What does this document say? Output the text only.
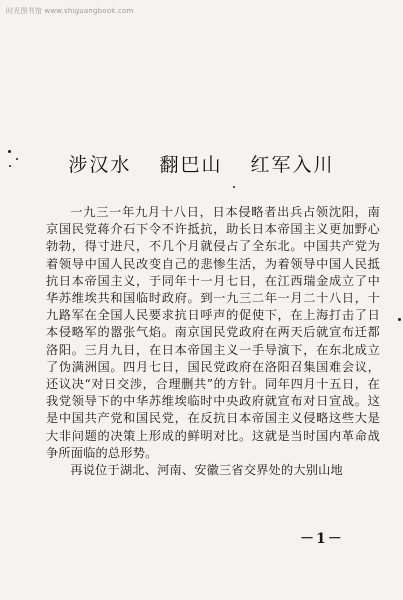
时光图书馆 www.shiguangbook.com
涉汉水 翻巴山 红军入川

一九三一年九月十八日，日本侵略者出兵占领沈阳，南京国民党蒋介石下令不许抵抗，助长日本帝国主义更加野心勃勃，得寸进尺，不几个月就侵占了全东北。中国共产党为着领导中国人民改变自己的悲惨生活，为着领导中国人民抵抗日本帝国主义，于同年十一月七日，在江西瑞金成立了中华苏维埃共和国临时政府。到一九三二年一月二十八日，十九路军在全国人民要求抗日呼声的促使下，在上海打击了日本侵略军的嚣张气焰。南京国民党政府在两天后就宣布迁都洛阳。三月九日，在日本帝国主义一手导演下，在东北成立了伪满洲国。四月七日，国民党政府在洛阳召集国难会议，还议决“对日交涉，合理删共”的方针。同年四月十五日，在我党领导下的中华苏维埃临时中央政府就宣布对日宣战。这是中国共产党和国民党，在反抗日本帝国主义侵略这些大是大非问题的决策上形成的鲜明对比。这就是当时国内革命战争所面临的总形势。

再说位于湖北、河南、安徽三省交界处的大别山地

－1－
